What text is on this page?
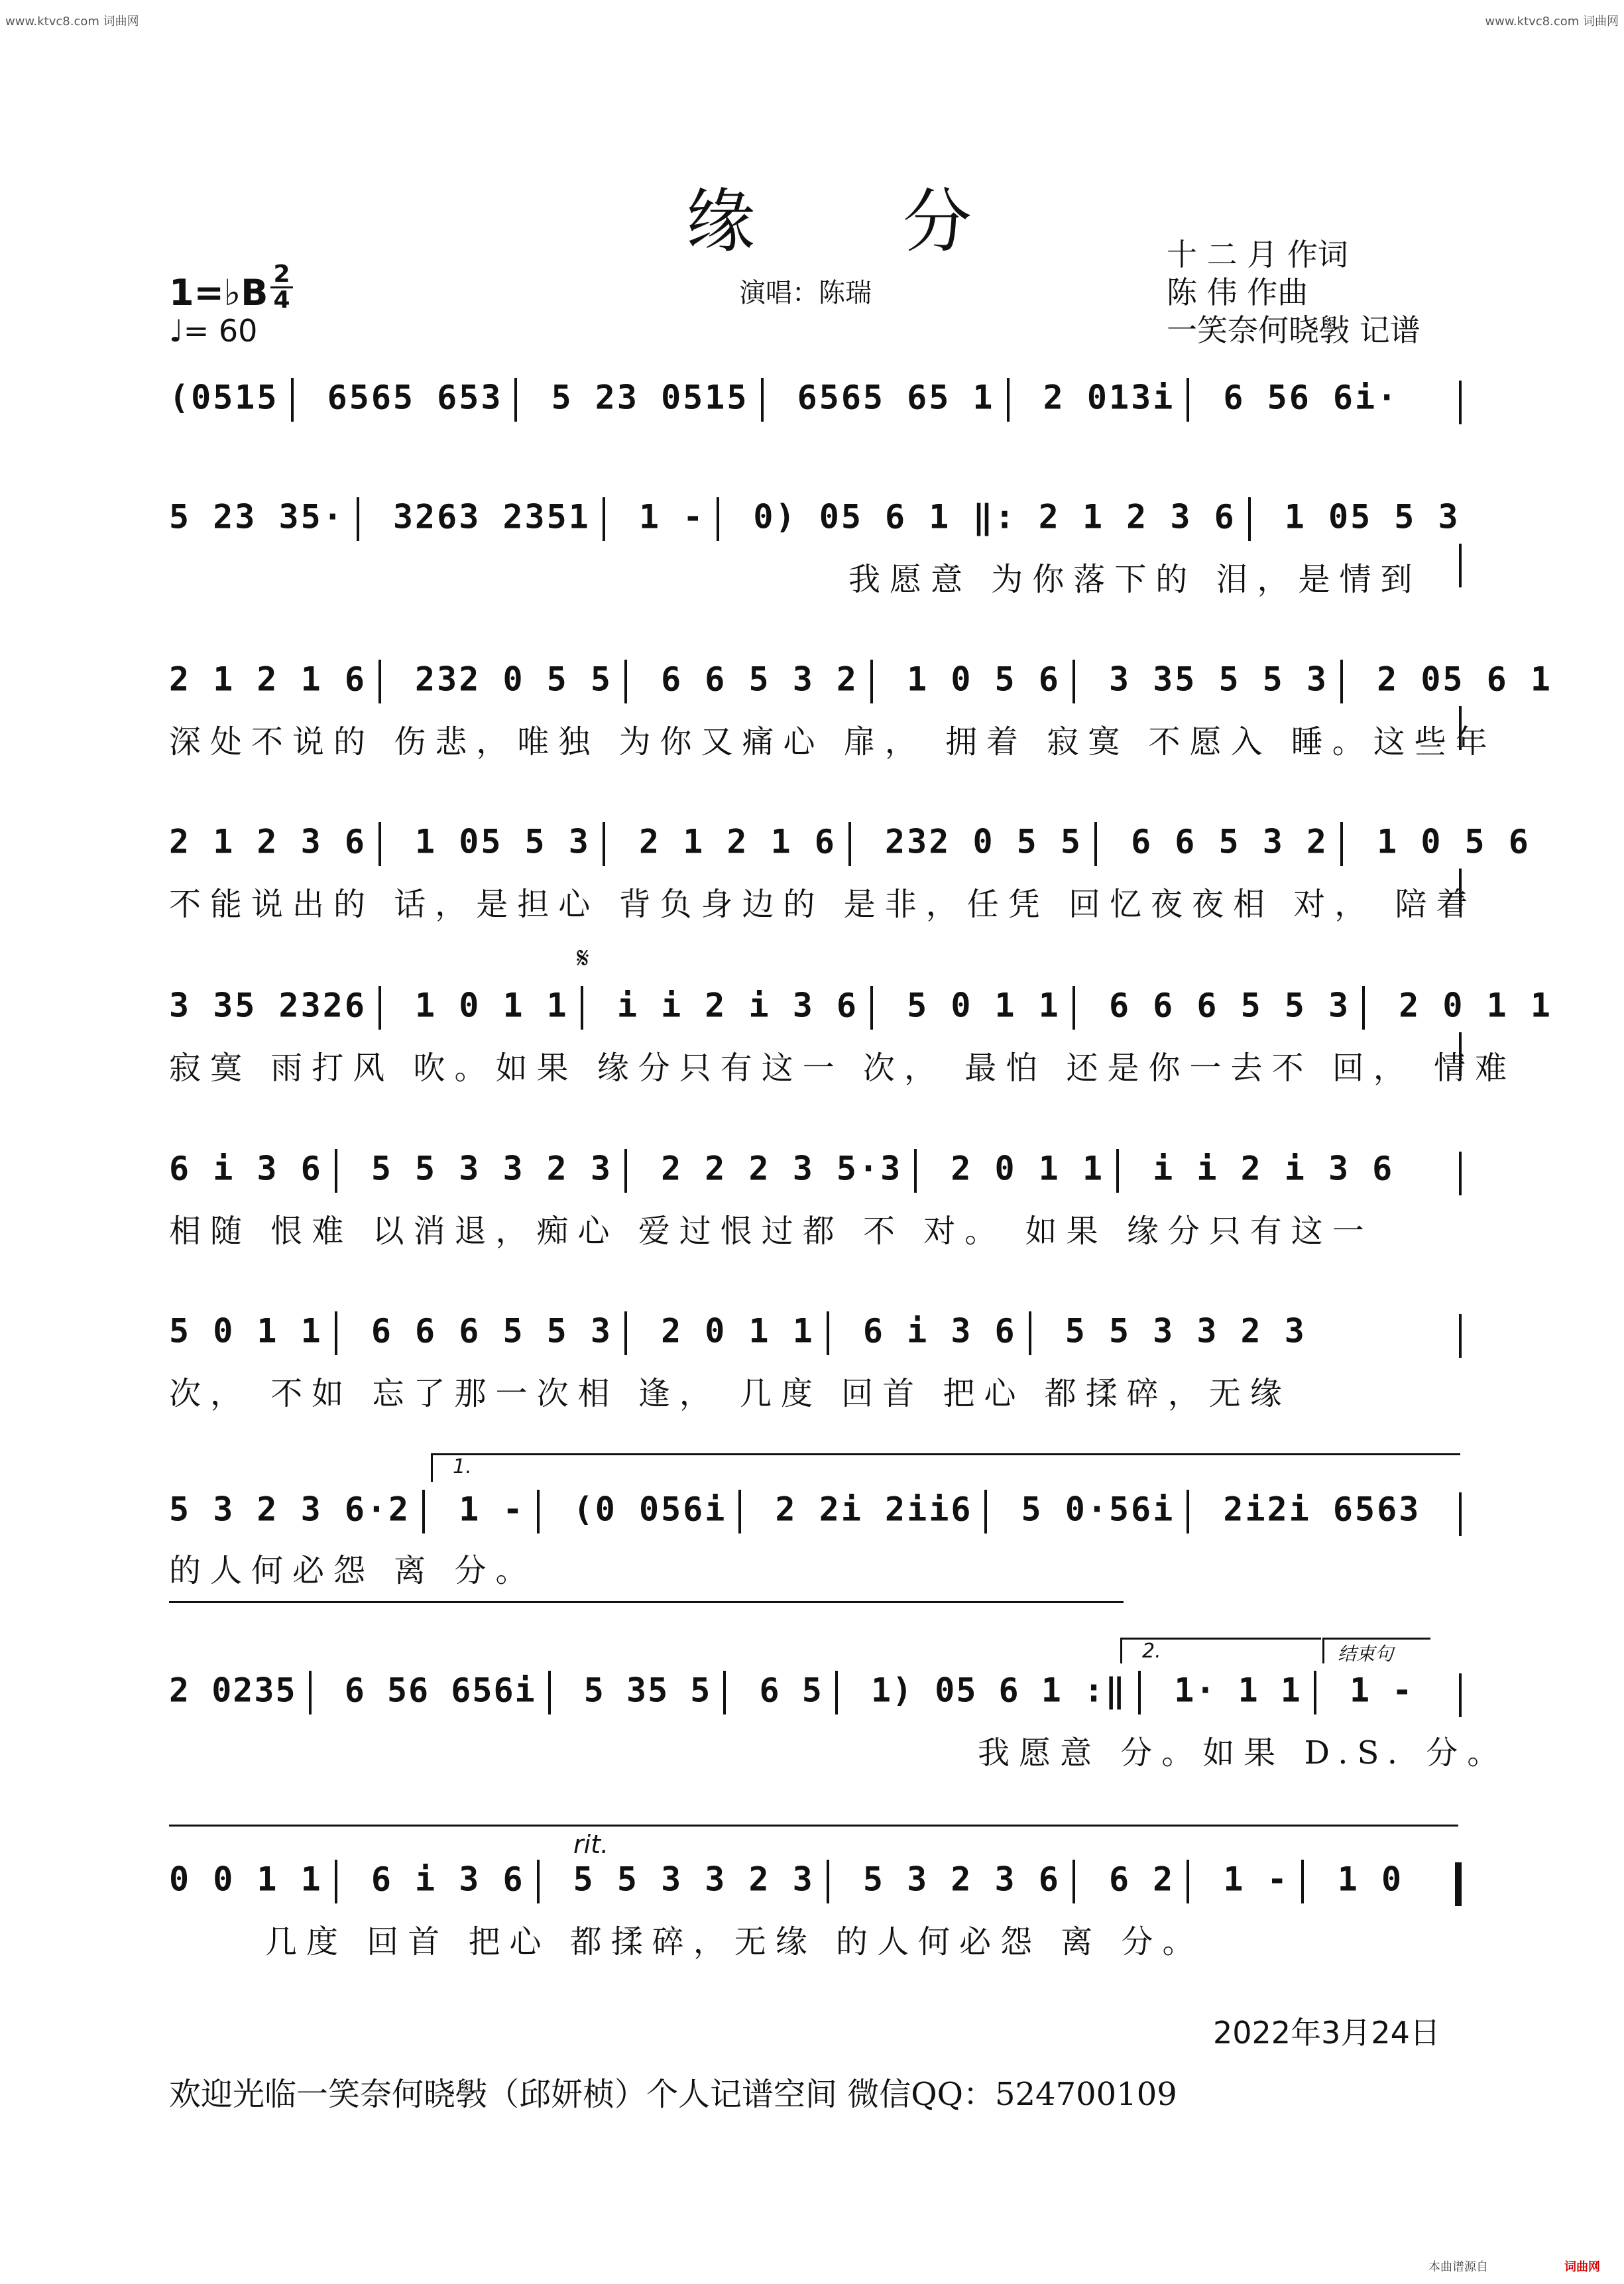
www.ktvc8.com 词曲网	www.ktvc8.com 词曲网
缘 分	十 二 月 作词
陈 伟 作曲
一笑奈何晓斅 记谱
1=♭B 2
4
♩= 60
演唱：陈瑞
𝄋
(0515 6565 653 5 23 0515 6565 65 1 2 013i 6 56 6i·
5 23 35· 3263 2351 1 - 0) 05 6 1 ‖: 2 1 2 3 6 1 05 5 3
我愿意 为你落下的 泪，是情到
2 1 2 1 6 232 0 5 5 6 6 5 3 2 1 0 5 6 3 35 5 5 3 2 05 6 1
深处不说的 伤悲，唯独 为你又痛心 扉， 拥着 寂寞 不愿入 睡。这些年
2 1 2 3 6 1 05 5 3 2 1 2 1 6 232 0 5 5 6 6 5 3 2 1 0 5 6
不能说出的 话，是担心 背负身边的 是非，任凭 回忆夜夜相 对， 陪着
3 35 2326 1 0 1 1 i i 2 i 3 6 5 0 1 1 6 6 6 5 5 3 2 0 1 1
寂寞 雨打风 吹。如果 缘分只有这一 次， 最怕 还是你一去不 回， 情难
6 i 3 6 5 5 3 3 2 3 2 2 2 3 5·3 2 0 1 1 i i 2 i 3 6
相随 恨难 以消退，痴心 爱过恨过都 不 对。 如果 缘分只有这一
5 0 1 1 6 6 6 5 5 3 2 0 1 1 6 i 3 6 5 5 3 3 2 3
次， 不如 忘了那一次相 逢， 几度 回首 把心 都揉碎，无缘
1.
5 3 2 3 6·2 1 - (0 056i 2 2i 2ii6 5 0·56i 2i2i 6563
的人何必怨 离 分。
2.	结束句
2 0235 6 56 656i 5 35 5 6 5 1) 05 6 1 :‖ 1· 1 1 1 -
我愿意 分。如果 D.S. 分。
rit.
0 0 1 1 6 i 3 6 5 5 3 3 2 3 5 3 2 3 6 6 2 1 - 1 0
几度 回首 把心 都揉碎，无缘 的人何必怨 离 分。
2022年3月24日
欢迎光临一笑奈何晓斅（邱妍桢）个人记谱空间 微信QQ：524700109
本曲谱源自	词曲网
